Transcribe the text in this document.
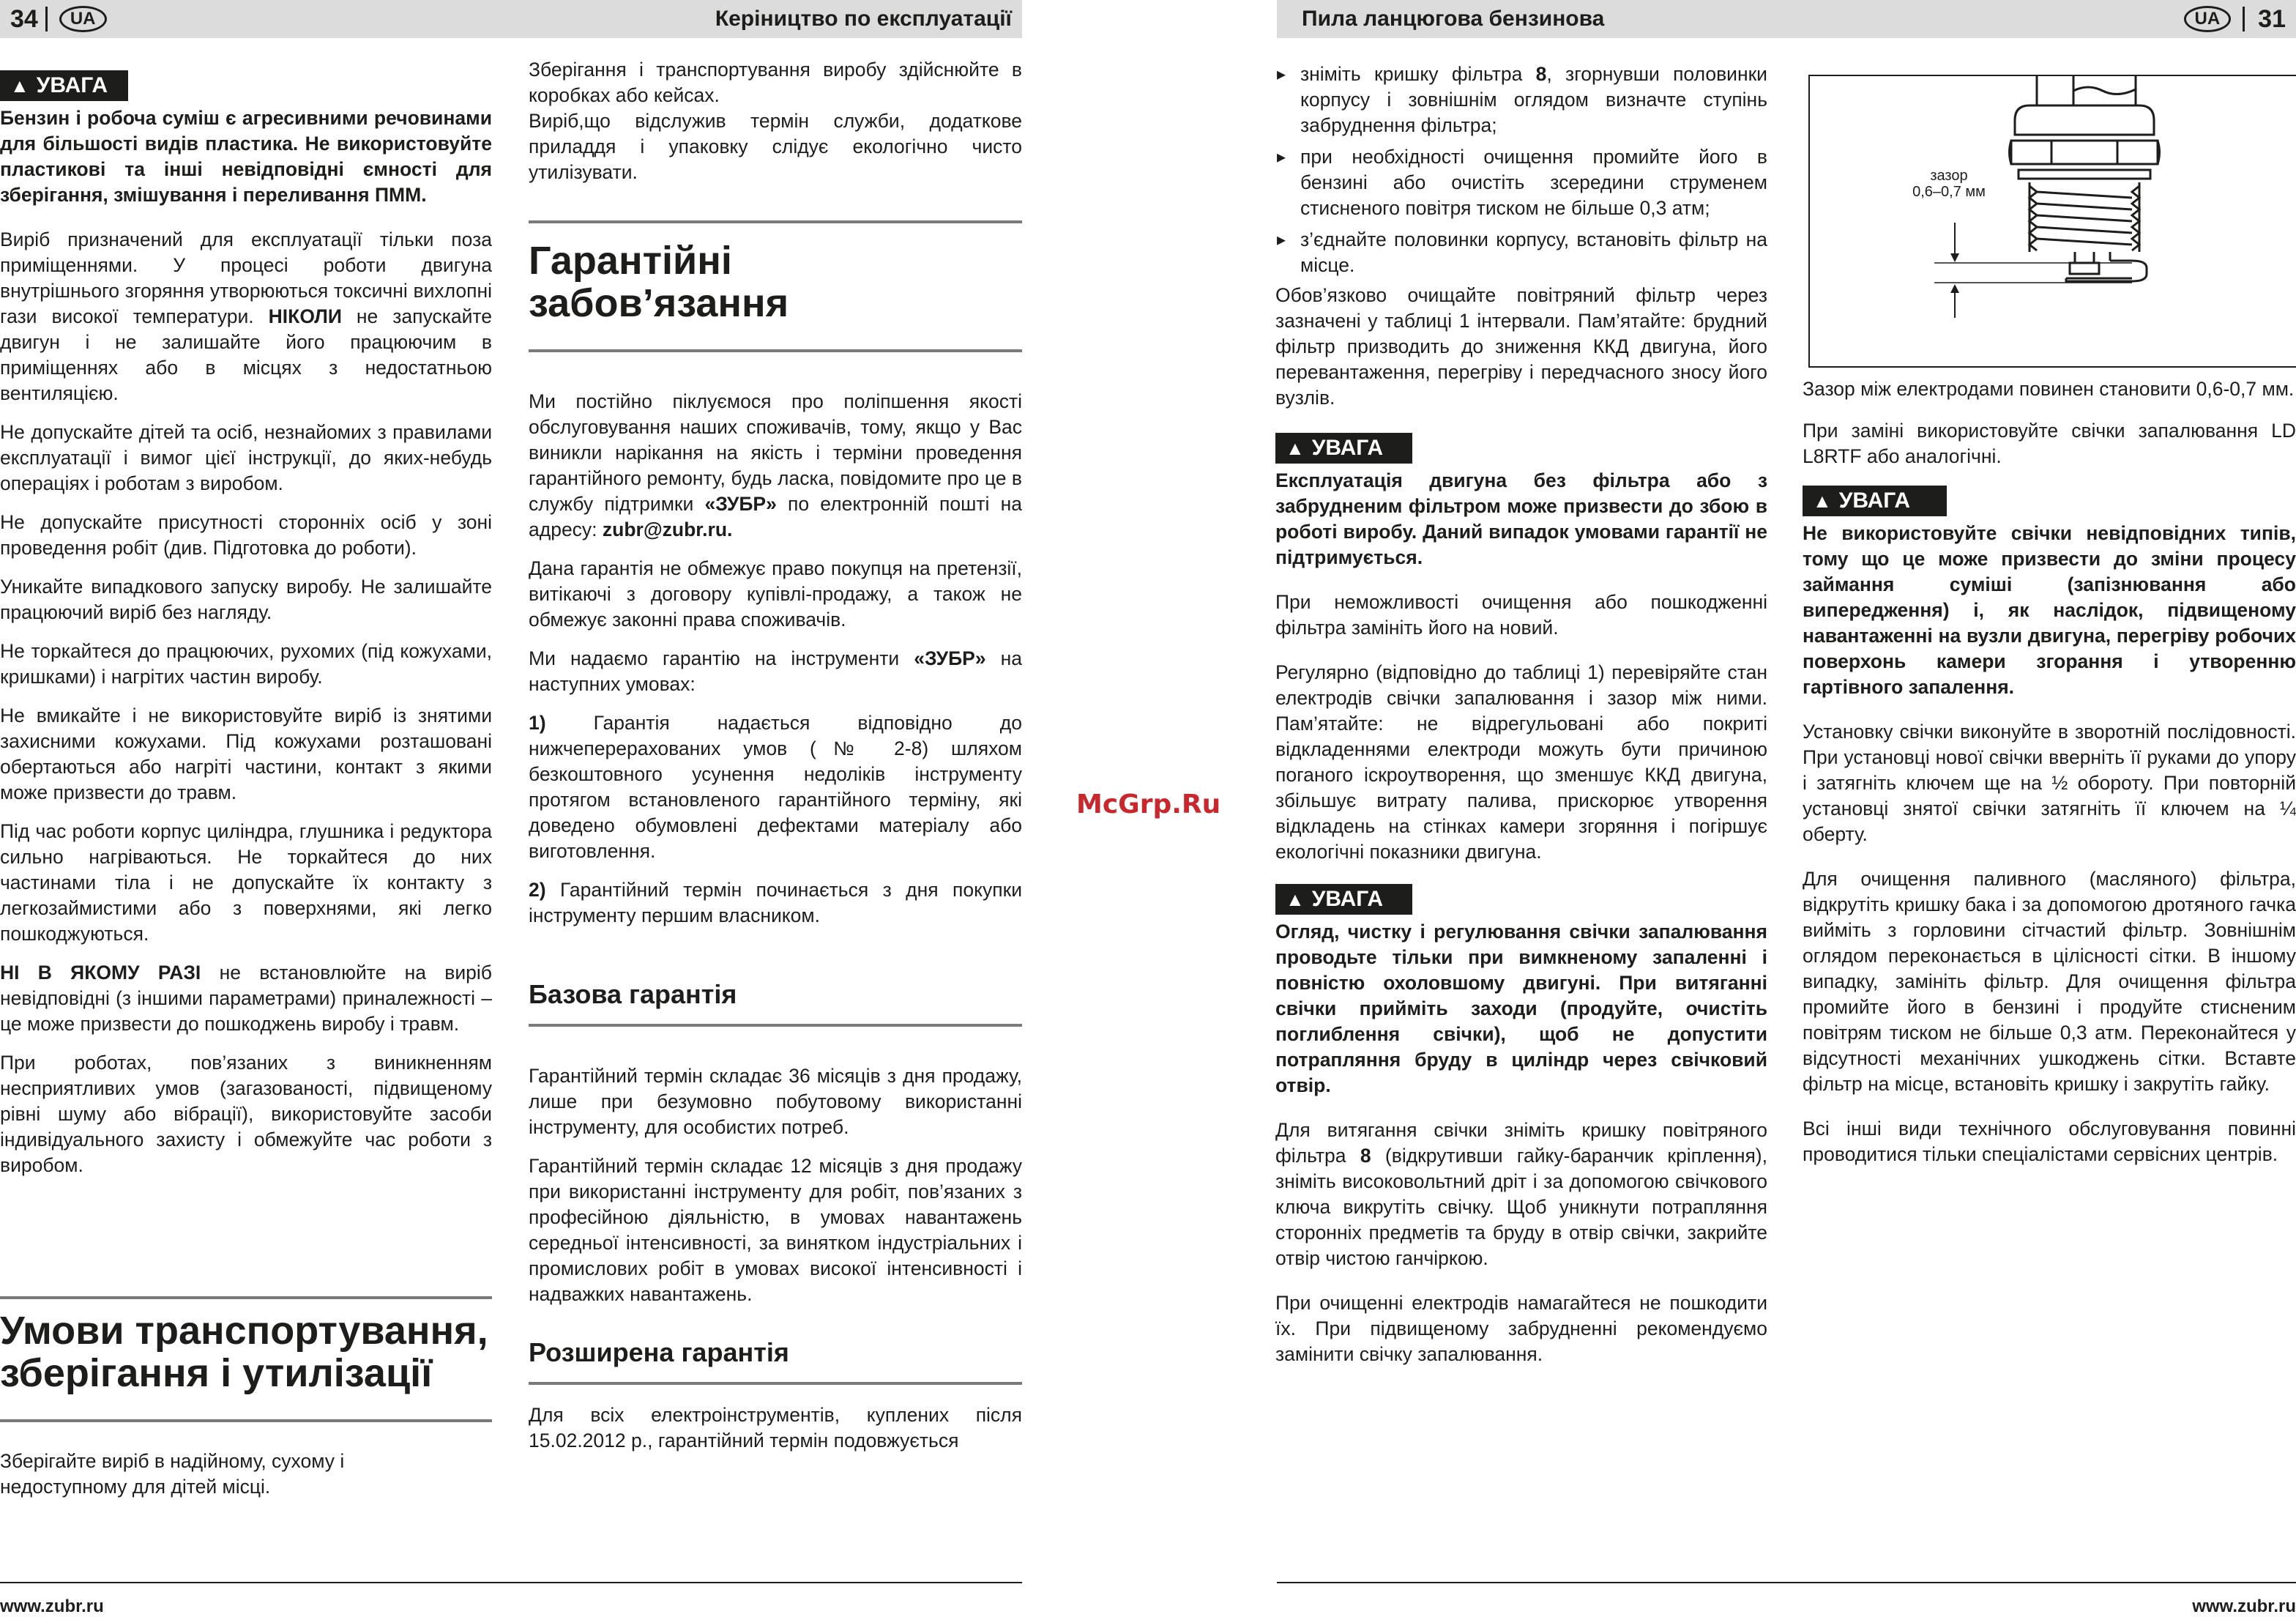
34	UA	Керіництво по експлуатації
▲ УВАГА

Бензин і робоча суміш є агресивними речовинами для більшості видів пластика. Не використовуйте пластикові та інші невідповідні ємності для зберігання, змішування і переливання ПММ.

Виріб призначений для експлуатації тільки поза приміщеннями. У процесі роботи двигуна внутрішнього згоряння утворюються токсичні вихлопні гази високої температури. НІКОЛИ не запускайте двигун і не залишайте його працюючим в приміщеннях або в місцях з недостатньою вентиляцією.

Не допускайте дітей та осіб, незнайомих з правилами експлуатації і вимог цієї інструкції, до яких-небудь операціях і роботам з виробом.

Не допускайте присутності сторонніх осіб у зоні проведення робіт (див. Підготовка до роботи).

Уникайте випадкового запуску виробу. Не залишайте працюючий виріб без нагляду.

Не торкайтеся до працюючих, рухомих (під кожухами, кришками) і нагрітих частин виробу.

Не вмикайте і не використовуйте виріб із знятими захисними кожухами. Під кожухами розташовані обертаються або нагріті частини, контакт з якими може призвести до травм.

Під час роботи корпус циліндра, глушника і редуктора сильно нагріваються. Не торкайтеся до них частинами тіла і не допускайте їх контакту з легкозаймистими або з поверхнями, які легко пошкоджуються.

НІ В ЯКОМУ РАЗІ не встановлюйте на виріб невідповідні (з іншими параметрами) приналежності – це може призвести до пошкоджень виробу і травм.

При роботах, пов’язаних з виникненням несприятливих умов (загазованості, підвищеному рівні шуму або вібрації), використовуйте засоби індивідуального захисту і обмежуйте час роботи з виробом.

Умови транспортування, зберігання і утилізації

Зберігайте виріб в надійному, сухому і недоступному для дітей місці.

Зберігання і транспортування виробу здійснюйте в коробках або кейсах.

Виріб,що відслужив термін служби, додаткове приладдя і упаковку слідує екологічно чисто утилізувати.

Гарантійні забов’язання

Ми постійно піклуємося про поліпшення якості обслуговування наших споживачів, тому, якщо у Вас виникли нарікання на якість і терміни проведення гарантійного ремонту, будь ласка, повідомите про це в службу підтримки «ЗУБР» по електронній пошті на адресу: zubr@zubr.ru.

Дана гарантія не обмежує право покупця на претензії, витікаючі з договору купівлі-продажу, а також не обмежує законні права споживачів.

Ми надаємо гарантію на інструменти «ЗУБР» на наступних умовах:

1) Гарантія надається відповідно до нижчеперерахованих умов (№ 2-8) шляхом безкоштовного усунення недоліків інструменту протягом встановленого гарантійного терміну, які доведено обумовлені дефектами матеріалу або виготовлення.

2) Гарантійний термін починається з дня покупки інструменту першим власником.

Базова гарантія

Гарантійний термін складає 36 місяців з дня продажу, лише при безумовно побутовому використанні інструменту, для особистих потреб.

Гарантійний термін складає 12 місяців з дня продажу при використанні інструменту для робіт, пов’язаних з професійною діяльністю, в умовах навантажень середньої інтенсивності, за винятком індустріальних і промислових робіт в умовах високої інтенсивності і надважких навантажень.

Розширена гарантія

Для всіх електроінструментів, куплених після 15.02.2012 р., гарантійний термін подовжується

www.zubr.ru
McGrp.Ru
Пила ланцюгова бензинова	UA	31

▸ зніміть кришку фільтра 8, згорнувши половинки корпусу і зовнішнім оглядом визначте ступінь забруднення фільтра;

▸ при необхідності очищення промийте його в бензині або очистіть зсередини струменем стисненого повітря тиском не більше 0,3 атм;

▸ з’єднайте половинки корпусу, встановіть фільтр на місце.

Обов’язково очищайте повітряний фільтр через зазначені у таблиці 1 інтервали. Пам’ятайте: брудний фільтр призводить до зниження ККД двигуна, його перевантаження, перегріву і передчасного зносу його вузлів.

▲ УВАГА

Експлуатація двигуна без фільтра або з забрудненим фільтром може призвести до збою в роботі виробу. Даний випадок умовами гарантії не підтримується.

При неможливості очищення або пошкодженні фільтра замініть його на новий.

Регулярно (відповідно до таблиці 1) перевіряйте стан електродів свічки запалювання і зазор між ними. Пам’ятайте: не відрегульовані або покриті відкладеннями електроди можуть бути причиною поганого іскроутворення, що зменшує ККД двигуна, збільшує витрату палива, прискорює утворення відкладень на стінках камери згоряння і погіршує екологічні показники двигуна.

▲ УВАГА

Огляд, чистку і регулювання свічки запалювання проводьте тільки при вимкненому запаленні і повністю охоловшому двигуні. При витяганні свічки прийміть заходи (продуйте, очистіть поглиблення свічки), щоб не допустити потрапляння бруду в циліндр через свічковий отвір.

Для витягання свічки зніміть кришку повітряного фільтра 8 (відкрутивши гайку-баранчик кріплення), зніміть високовольтний дріт і за допомогою свічкового ключа викрутіть свічку. Щоб уникнути потрапляння сторонніх предметів та бруду в отвір свічки, закрийте отвір чистою ганчіркою.

При очищенні електродів намагайтеся не пошкодити їх. При підвищеному забрудненні рекомендуємо замінити свічку запалювання.

зазор
0,6–0,7 мм

Зазор між електродами повинен становити 0,6-0,7 мм.

При заміні використовуйте свічки запалювання LD L8RTF або аналогічні.

▲ УВАГА

Не використовуйте свічки невідповідних типів, тому що це може призвести до зміни процесу займання суміші (запізнювання або випередження) і, як наслідок, підвищеному навантаженні на вузли двигуна, перегріву робочих поверхонь камери згорання і утворенню гартівного запалення.

Установку свічки виконуйте в зворотній послідовності. При установці нової свічки вверніть її руками до упору і затягніть ключем ще на ½ обороту. При повторній установці знятої свічки затягніть її ключем на ¼ оберту.

Для очищення паливного (масляного) фільтра, відкрутіть кришку бака і за допомогою дротяного гачка вийміть з горловини сітчастий фільтр. Зовнішнім оглядом переконається в цілісності сітки. В іншому випадку, замініть фільтр. Для очищення фільтра промийте його в бензині і продуйте стисненим повітрям тиском не більше 0,3 атм. Переконайтеся у відсутності механічних ушкоджень сітки. Вставте фільтр на місце, встановіть кришку і закрутіть гайку.

Всі інші види технічного обслуговування повинні проводитися тільки спеціалістами сервісних центрів.

www.zubr.ru
